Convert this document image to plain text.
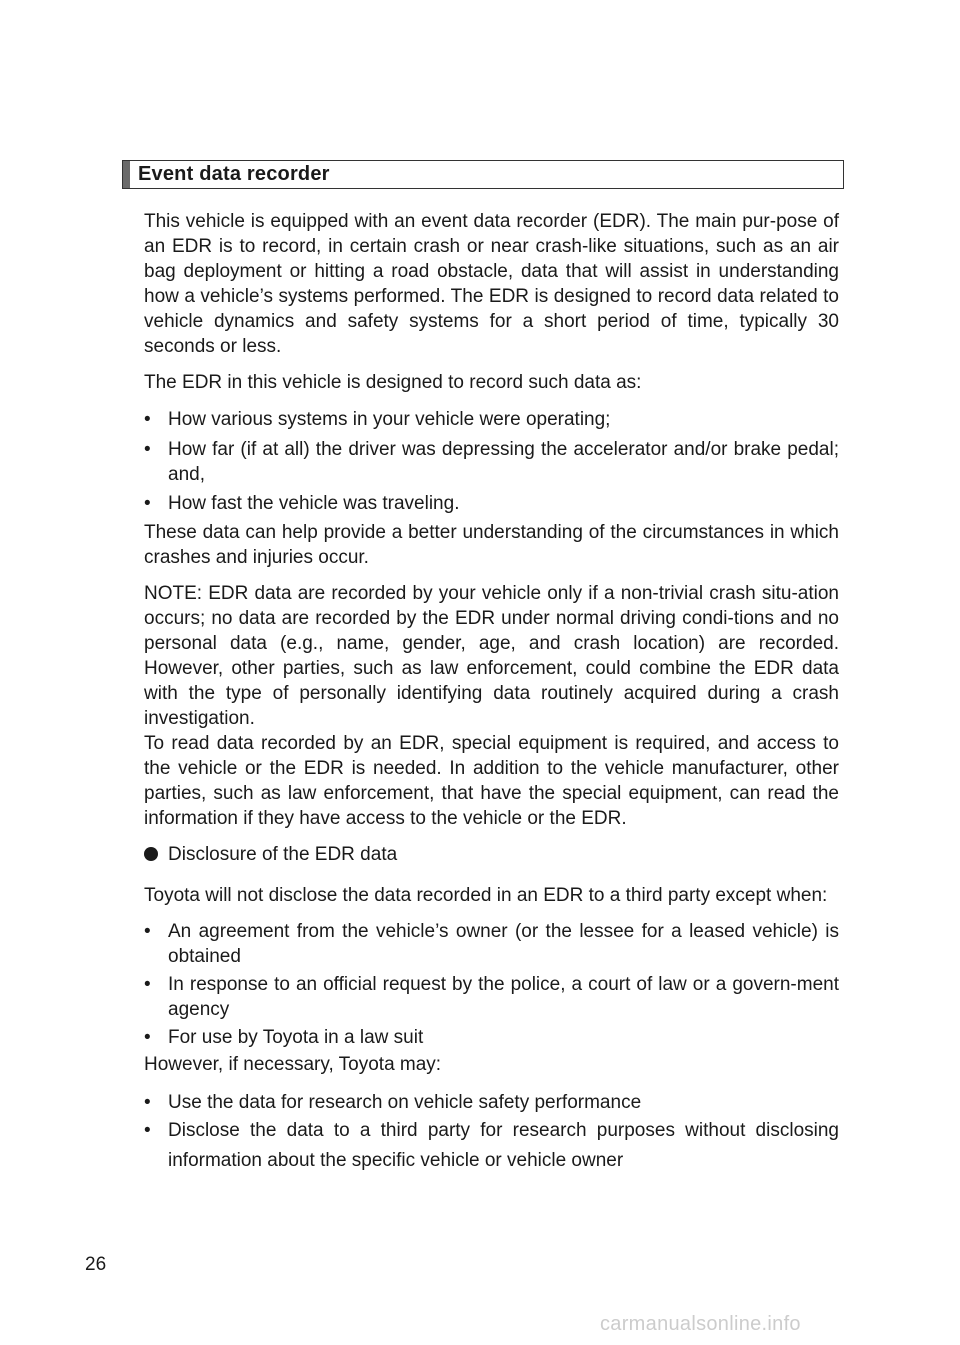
Event data recorder

This vehicle is equipped with an event data recorder (EDR). The main pur-pose of an EDR is to record, in certain crash or near crash-like situations, such as an air bag deployment or hitting a road obstacle, data that will assist in understanding how a vehicle’s systems performed. The EDR is designed to record data related to vehicle dynamics and safety systems for a short period of time, typically 30 seconds or less.

The EDR in this vehicle is designed to record such data as:

• How various systems in your vehicle were operating;
• How far (if at all) the driver was depressing the accelerator and/or brake pedal; and,
• How fast the vehicle was traveling.

These data can help provide a better understanding of the circumstances in which crashes and injuries occur.

NOTE: EDR data are recorded by your vehicle only if a non-trivial crash situ-ation occurs; no data are recorded by the EDR under normal driving condi-tions and no personal data (e.g., name, gender, age, and crash location) are recorded. However, other parties, such as law enforcement, could combine the EDR data with the type of personally identifying data routinely acquired during a crash investigation.

To read data recorded by an EDR, special equipment is required, and access to the vehicle or the EDR is needed. In addition to the vehicle manufacturer, other parties, such as law enforcement, that have the special equipment, can read the information if they have access to the vehicle or the EDR.

Disclosure of the EDR data

Toyota will not disclose the data recorded in an EDR to a third party except when:

• An agreement from the vehicle’s owner (or the lessee for a leased vehicle) is obtained
• In response to an official request by the police, a court of law or a govern-ment agency
• For use by Toyota in a law suit

However, if necessary, Toyota may:

• Use the data for research on vehicle safety performance
• Disclose the data to a third party for research purposes without disclosing information about the specific vehicle or vehicle owner
26
carmanualsonline.info
